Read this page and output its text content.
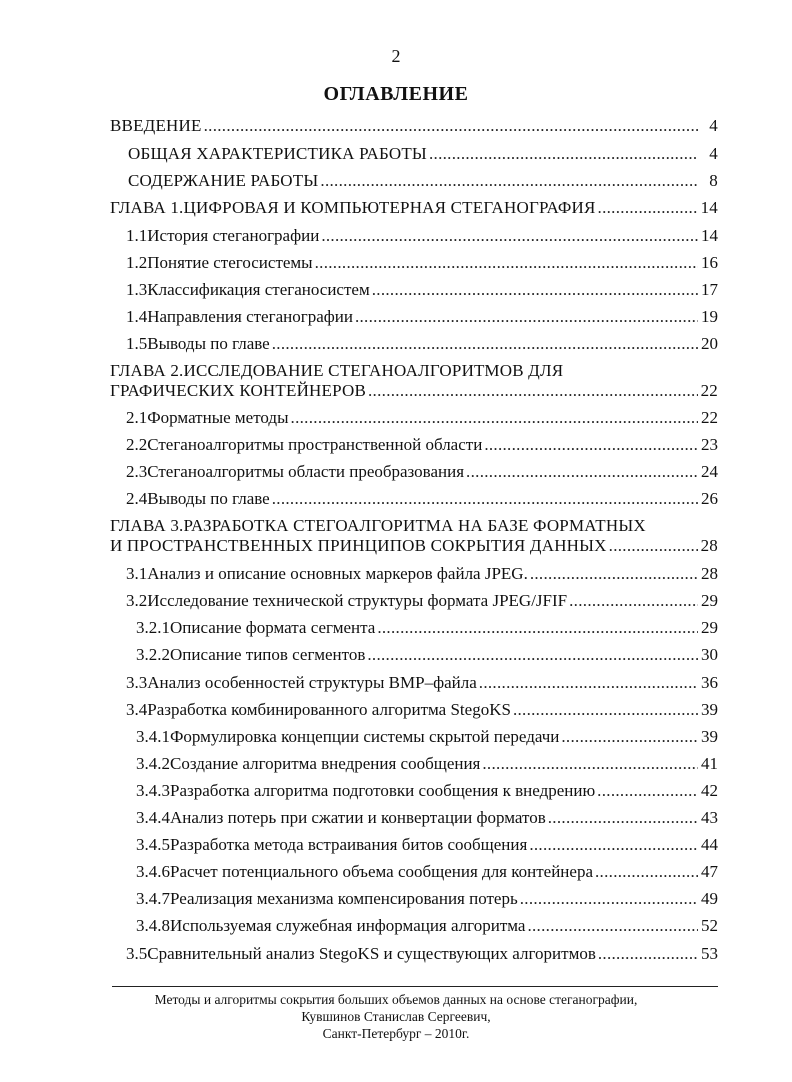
2
ОГЛАВЛЕНИЕ
ВВЕДЕНИЕ .....	4
ОБЩАЯ ХАРАКТЕРИСТИКА РАБОТЫ .....	4
СОДЕРЖАНИЕ РАБОТЫ .....	8
ГЛАВА 1.ЦИФРОВАЯ И КОМПЬЮТЕРНАЯ СТЕГАНОГРАФИЯ .....	14
1.1 История стеганографии .....	14
1.2 Понятие стегосистемы .....	16
1.3 Классификация стеганосистем .....	17
1.4 Направления стеганографии .....	19
1.5 Выводы по главе .....	20
ГЛАВА 2.ИССЛЕДОВАНИЕ СТЕГАНОАЛГОРИТМОВ ДЛЯ
ГРАФИЧЕСКИХ КОНТЕЙНЕРОВ .....	22
2.1 Форматные методы .....	22
2.2 Стеганоалгоритмы пространственной области .....	23
2.3 Стеганоалгоритмы области преобразования .....	24
2.4 Выводы по главе .....	26
ГЛАВА 3.РАЗРАБОТКА СТЕГОАЛГОРИТМА НА БАЗЕ ФОРМАТНЫХ
И ПРОСТРАНСТВЕННЫХ ПРИНЦИПОВ СОКРЫТИЯ ДАННЫХ .....	28
3.1 Анализ и описание основных маркеров файла JPEG. .....	28
3.2 Исследование технической структуры формата JPEG/JFIF .....	29
3.2.1 Описание формата сегмента .....	29
3.2.2 Описание типов сегментов .....	30
3.3 Анализ особенностей структуры BMP–файла .....	36
3.4 Разработка комбинированного алгоритма StegoKS .....	39
3.4.1 Формулировка концепции системы скрытой передачи .....	39
3.4.2 Создание алгоритма внедрения сообщения .....	41
3.4.3 Разработка алгоритма подготовки сообщения к внедрению .....	42
3.4.4 Анализ потерь при сжатии и конвертации форматов .....	43
3.4.5 Разработка метода встраивания битов сообщения .....	44
3.4.6 Расчет потенциального объема сообщения для контейнера .....	47
3.4.7 Реализация механизма компенсирования потерь .....	49
3.4.8 Используемая служебная информация алгоритма .....	52
3.5 Сравнительный анализ StegoKS и существующих алгоритмов .....	53
Методы и алгоритмы сокрытия больших объемов данных на основе стеганографии,
Кувшинов Станислав Сергеевич,
Санкт-Петербург – 2010г.
